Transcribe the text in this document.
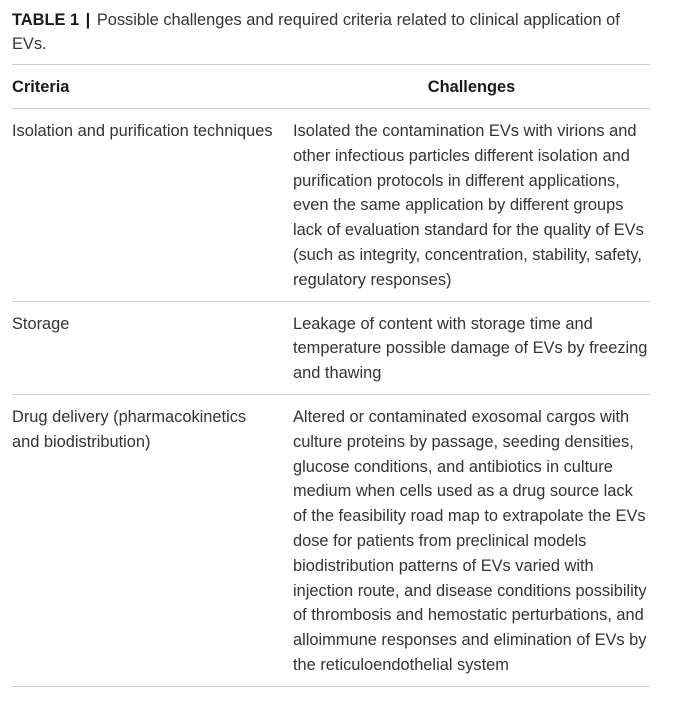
TABLE 1 | Possible challenges and required criteria related to clinical application of EVs.

Criteria	Challenges
Isolation and purification techniques	Isolated the contamination EVs with virions and other infectious particles different isolation and purification protocols in different applications, even the same application by different groups lack of evaluation standard for the quality of EVs (such as integrity, concentration, stability, safety, regulatory responses)
Storage	Leakage of content with storage time and temperature possible damage of EVs by freezing and thawing
Drug delivery (pharmacokinetics and biodistribution)	Altered or contaminated exosomal cargos with culture proteins by passage, seeding densities, glucose conditions, and antibiotics in culture medium when cells used as a drug source lack of the feasibility road map to extrapolate the EVs dose for patients from preclinical models biodistribution patterns of EVs varied with injection route, and disease conditions possibility of thrombosis and hemostatic perturbations, and alloimmune responses and elimination of EVs by the reticuloendothelial system
